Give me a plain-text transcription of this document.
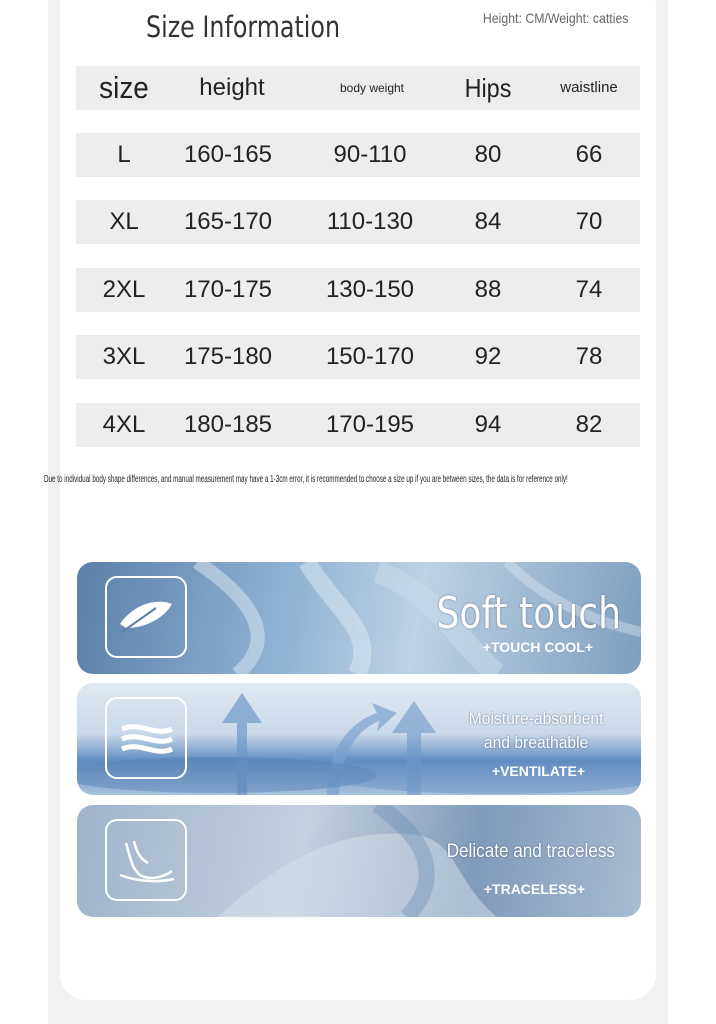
Size Information	Height: CM/Weight: catties
size	height	body weight	Hips	waistline
L	160-165	90-110	80	66
XL	165-170	110-130	84	70
2XL	170-175	130-150	88	74
3XL	175-180	150-170	92	78
4XL	180-185	170-195	94	82
Due to individual body shape differences, and manual measurement may have a 1-3cm error, it is recommended to choose a size up if you are between sizes, the data is for reference only!
Soft touch
+TOUCH COOL+
Moisture-absorbent
and breathable
+VENTILATE+
Delicate and traceless
+TRACELESS+
